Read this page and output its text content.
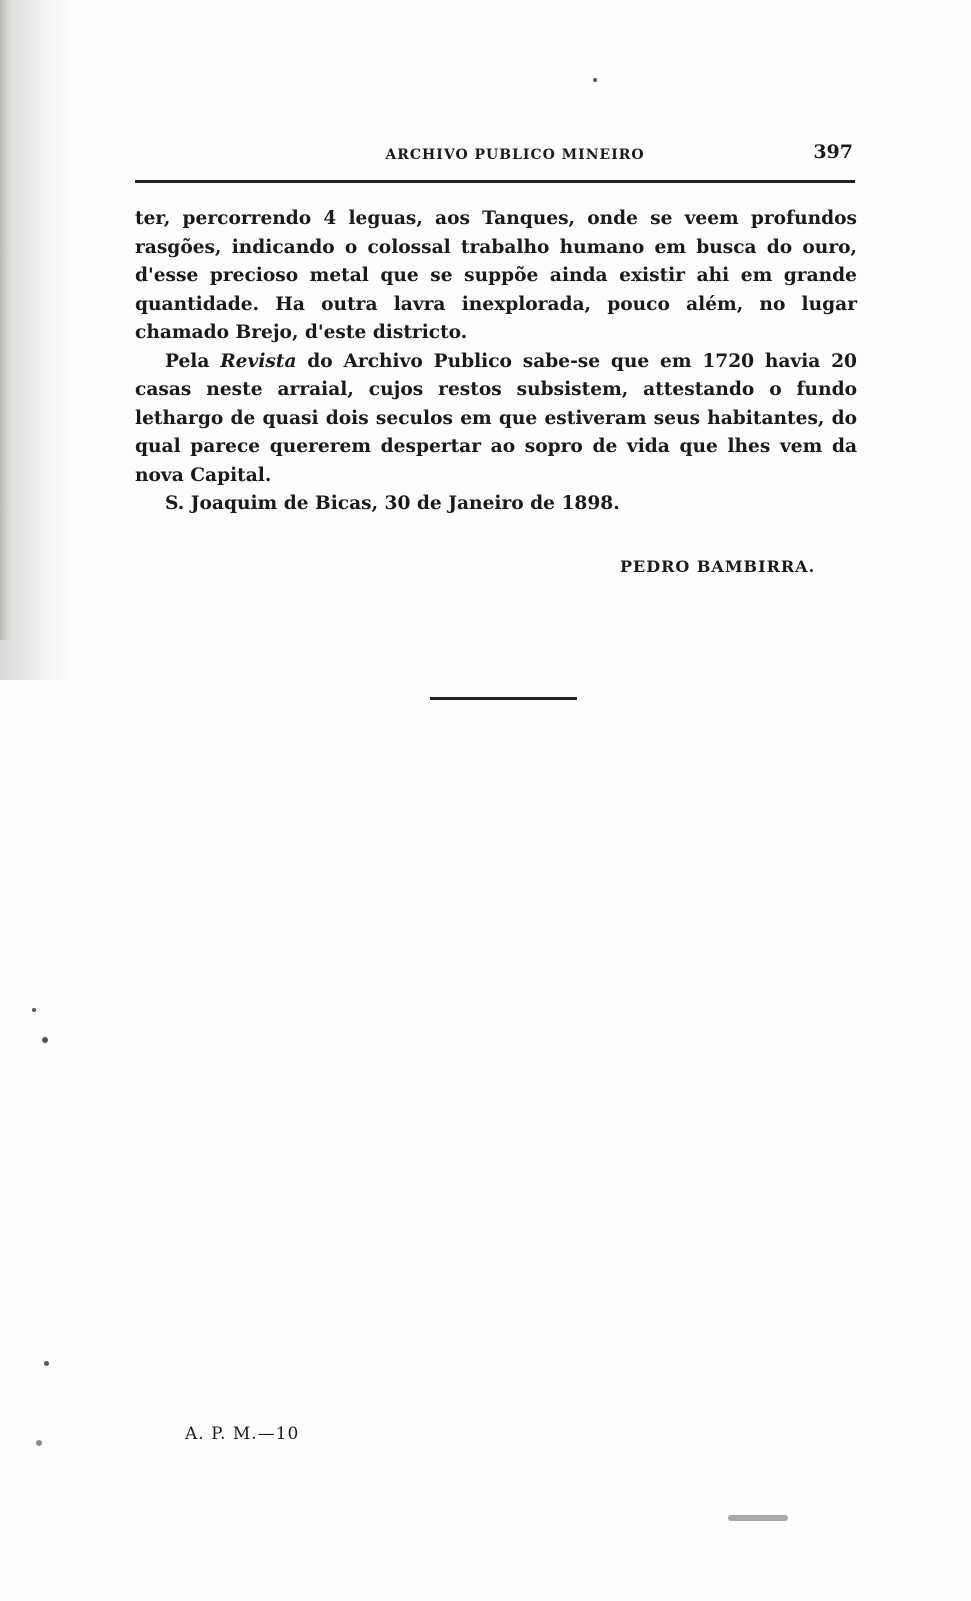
ARCHIVO PUBLICO MINEIRO	397

ter, percorrendo 4 leguas, aos Tanques, onde se veem profundos rasgões, indicando o colossal trabalho humano em busca do ouro, d'esse precioso metal que se suppõe ainda existir ahi em grande quantidade. Ha outra lavra inexplorada, pouco além, no lugar chamado Brejo, d'este districto.

Pela Revista do Archivo Publico sabe-se que em 1720 havia 20 casas neste arraial, cujos restos subsistem, attestando o fundo lethargo de quasi dois seculos em que estiveram seus habitantes, do qual parece quererem despertar ao sopro de vida que lhes vem da nova Capital.

S. Joaquim de Bicas, 30 de Janeiro de 1898.

PEDRO BAMBIRRA.
A. P. M.—10
